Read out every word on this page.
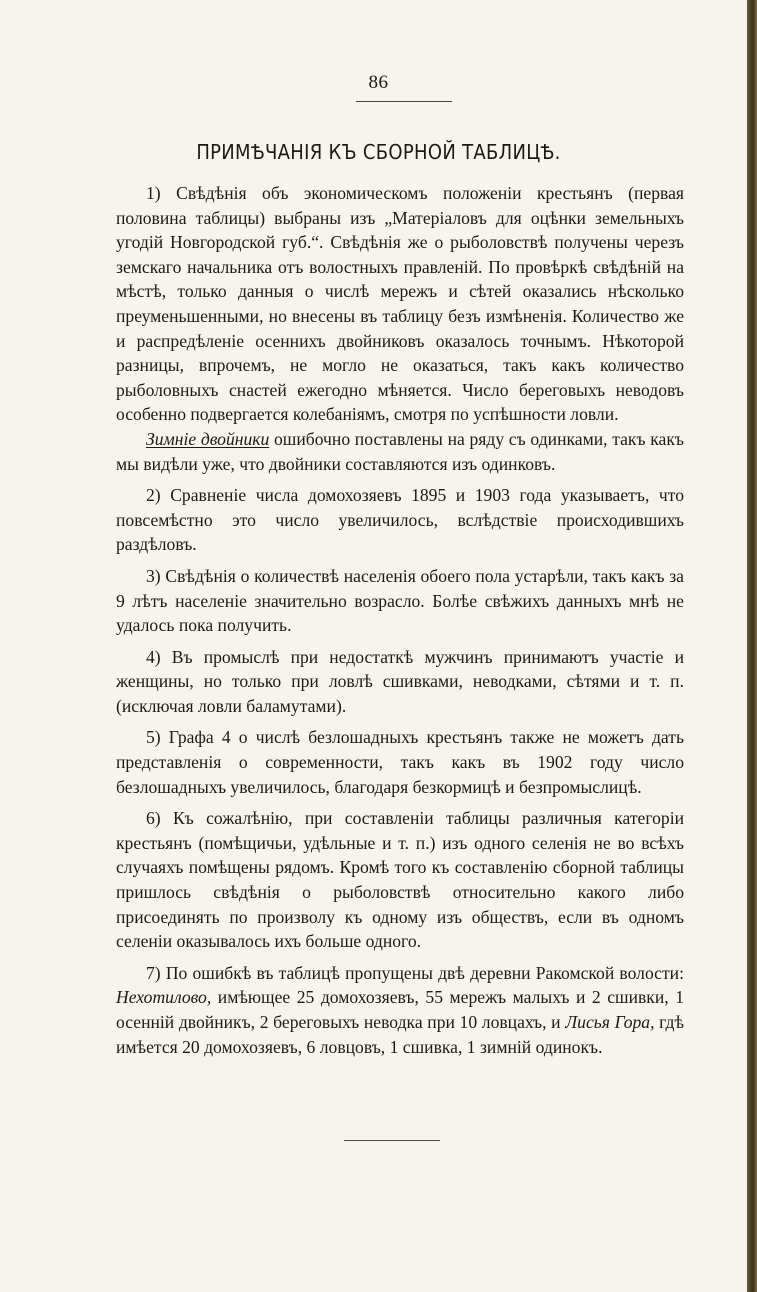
86
ПРИМѢЧАНІЯ КЪ СБОРНОЙ ТАБЛИЦѢ.

1) Свѣдѣнія объ экономическомъ положеніи крестьянъ (первая половина таблицы) выбраны изъ „Матеріаловъ для оцѣнки земельныхъ угодій Новгородской губ.“. Свѣдѣнія же о рыболовствѣ получены черезъ земскаго начальника отъ волостныхъ правленій. По провѣркѣ свѣдѣній на мѣстѣ, только данныя о числѣ мережъ и сѣтей оказались нѣсколько преуменьшенными, но внесены въ таблицу безъ измѣненія. Количество же и распредѣленіе осеннихъ двойниковъ оказалось точнымъ. Нѣкоторой разницы, впрочемъ, не могло не оказаться, такъ какъ количество рыболовныхъ снастей ежегодно мѣняется. Число береговыхъ неводовъ особенно подвергается колебаніямъ, смотря по успѣшности ловли.

Зимніе двойники ошибочно поставлены на ряду съ одинками, такъ какъ мы видѣли уже, что двойники составляются изъ одинковъ.

2) Сравненіе числа домохозяевъ 1895 и 1903 года указываетъ, что повсемѣстно это число увеличилось, вслѣдствіе происходившихъ раздѣловъ.

3) Свѣдѣнія о количествѣ населенія обоего пола устарѣли, такъ какъ за 9 лѣтъ населеніе значительно возрасло. Болѣе свѣжихъ данныхъ мнѣ не удалось пока получить.

4) Въ промыслѣ при недостаткѣ мужчинъ принимаютъ участіе и женщины, но только при ловлѣ сшивками, неводками, сѣтями и т. п. (исключая ловли баламутами).

5) Графа 4 о числѣ безлошадныхъ крестьянъ также не можетъ дать представленія о современности, такъ какъ въ 1902 году число безлошадныхъ увеличилось, благодаря безкормицѣ и безпромыслицѣ.

6) Къ сожалѣнію, при составленіи таблицы различныя категоріи крестьянъ (помѣщичьи, удѣльные и т. п.) изъ одного селенія не во всѣхъ случаяхъ помѣщены рядомъ. Кромѣ того къ составленію сборной таблицы пришлось свѣдѣнія о рыболовствѣ относительно какого либо присоединять по произволу къ одному изъ обществъ, если въ одномъ селеніи оказывалось ихъ больше одного.

7) По ошибкѣ въ таблицѣ пропущены двѣ деревни Ракомской волости: Нехотилово, имѣющее 25 домохозяевъ, 55 мережъ малыхъ и 2 сшивки, 1 осенній двойникъ, 2 береговыхъ неводка при 10 ловцахъ, и Лисья Гора, гдѣ имѣется 20 домохозяевъ, 6 ловцовъ, 1 сшивка, 1 зимній одинокъ.
